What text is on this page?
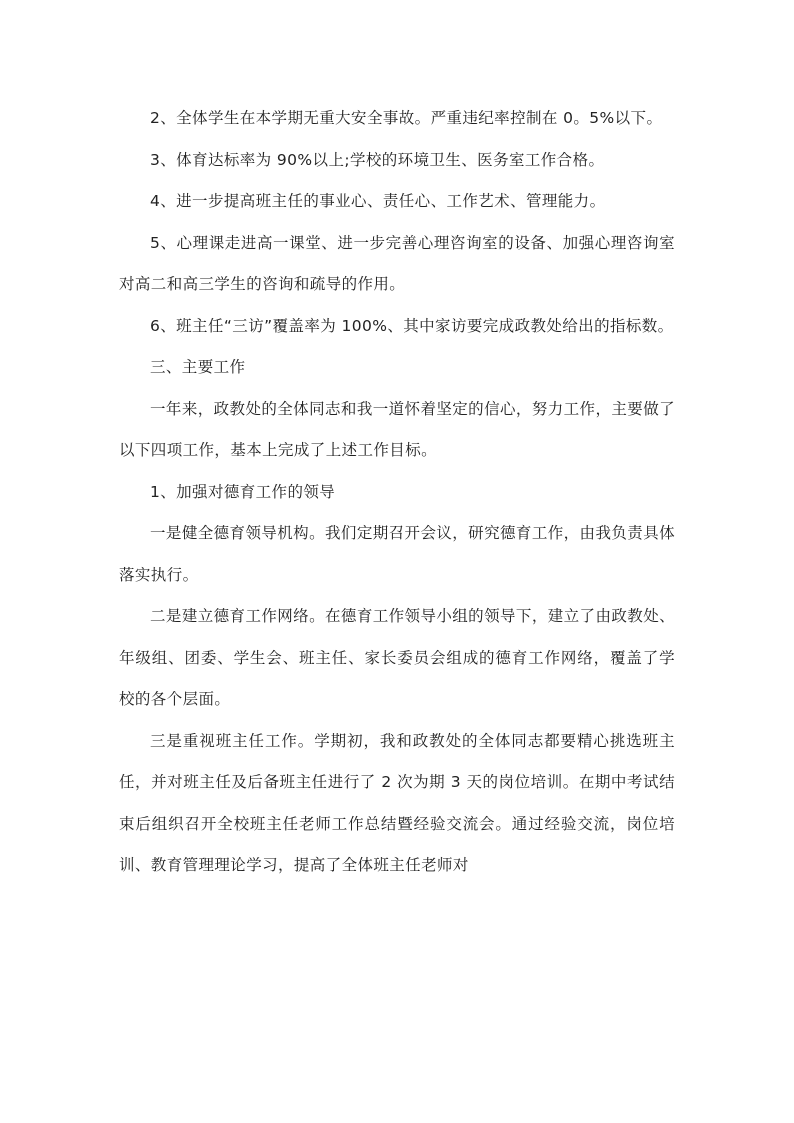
2、全体学生在本学期无重大安全事故。严重违纪率控制在 0。5%以下。

3、体育达标率为 90%以上;学校的环境卫生、医务室工作合格。

4、进一步提高班主任的事业心、责任心、工作艺术、管理能力。

5、心理课走进高一课堂、进一步完善心理咨询室的设备、加强心理咨询室对高二和高三学生的咨询和疏导的作用。

6、班主任“三访”覆盖率为 100%、其中家访要完成政教处给出的指标数。

三、主要工作

一年来，政教处的全体同志和我一道怀着坚定的信心，努力工作，主要做了以下四项工作，基本上完成了上述工作目标。

1、加强对德育工作的领导

一是健全德育领导机构。我们定期召开会议，研究德育工作，由我负责具体落实执行。

二是建立德育工作网络。在德育工作领导小组的领导下，建立了由政教处、年级组、团委、学生会、班主任、家长委员会组成的德育工作网络，覆盖了学校的各个层面。

三是重视班主任工作。学期初，我和政教处的全体同志都要精心挑选班主任，并对班主任及后备班主任进行了 2 次为期 3 天的岗位培训。在期中考试结束后组织召开全校班主任老师工作总结暨经验交流会。通过经验交流，岗位培训、教育管理理论学习，提高了全体班主任老师对
